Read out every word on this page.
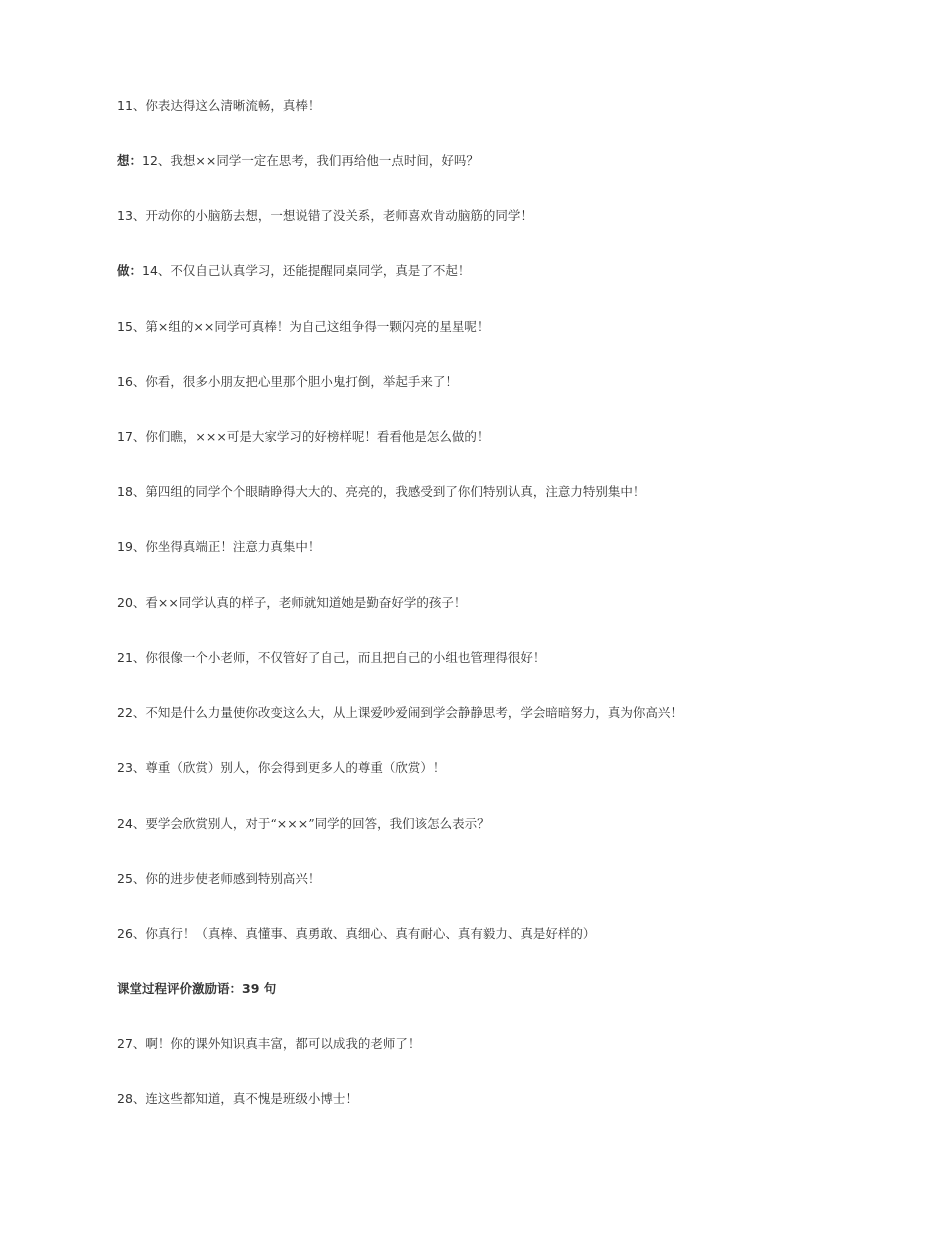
11、你表达得这么清晰流畅，真棒！
想：12、我想××同学一定在思考，我们再给他一点时间，好吗？
13、开动你的小脑筋去想，一想说错了没关系，老师喜欢肯动脑筋的同学！
做：14、不仅自己认真学习，还能提醒同桌同学，真是了不起！
15、第×组的××同学可真棒！为自己这组争得一颗闪亮的星星呢！
16、你看，很多小朋友把心里那个胆小鬼打倒，举起手来了！
17、你们瞧，×××可是大家学习的好榜样呢！看看他是怎么做的！
18、第四组的同学个个眼睛睁得大大的、亮亮的，我感受到了你们特别认真，注意力特别集中！
19、你坐得真端正！注意力真集中！
20、看××同学认真的样子，老师就知道她是勤奋好学的孩子！
21、你很像一个小老师，不仅管好了自己，而且把自己的小组也管理得很好！
22、不知是什么力量使你改变这么大，从上课爱吵爱闹到学会静静思考，学会暗暗努力，真为你高兴！
23、尊重（欣赏）别人，你会得到更多人的尊重（欣赏）！
24、要学会欣赏别人，对于“×××”同学的回答，我们该怎么表示？
25、你的进步使老师感到特别高兴！
26、你真行！（真棒、真懂事、真勇敢、真细心、真有耐心、真有毅力、真是好样的）
课堂过程评价激励语：39 句
27、啊！你的课外知识真丰富，都可以成我的老师了！
28、连这些都知道，真不愧是班级小博士！
